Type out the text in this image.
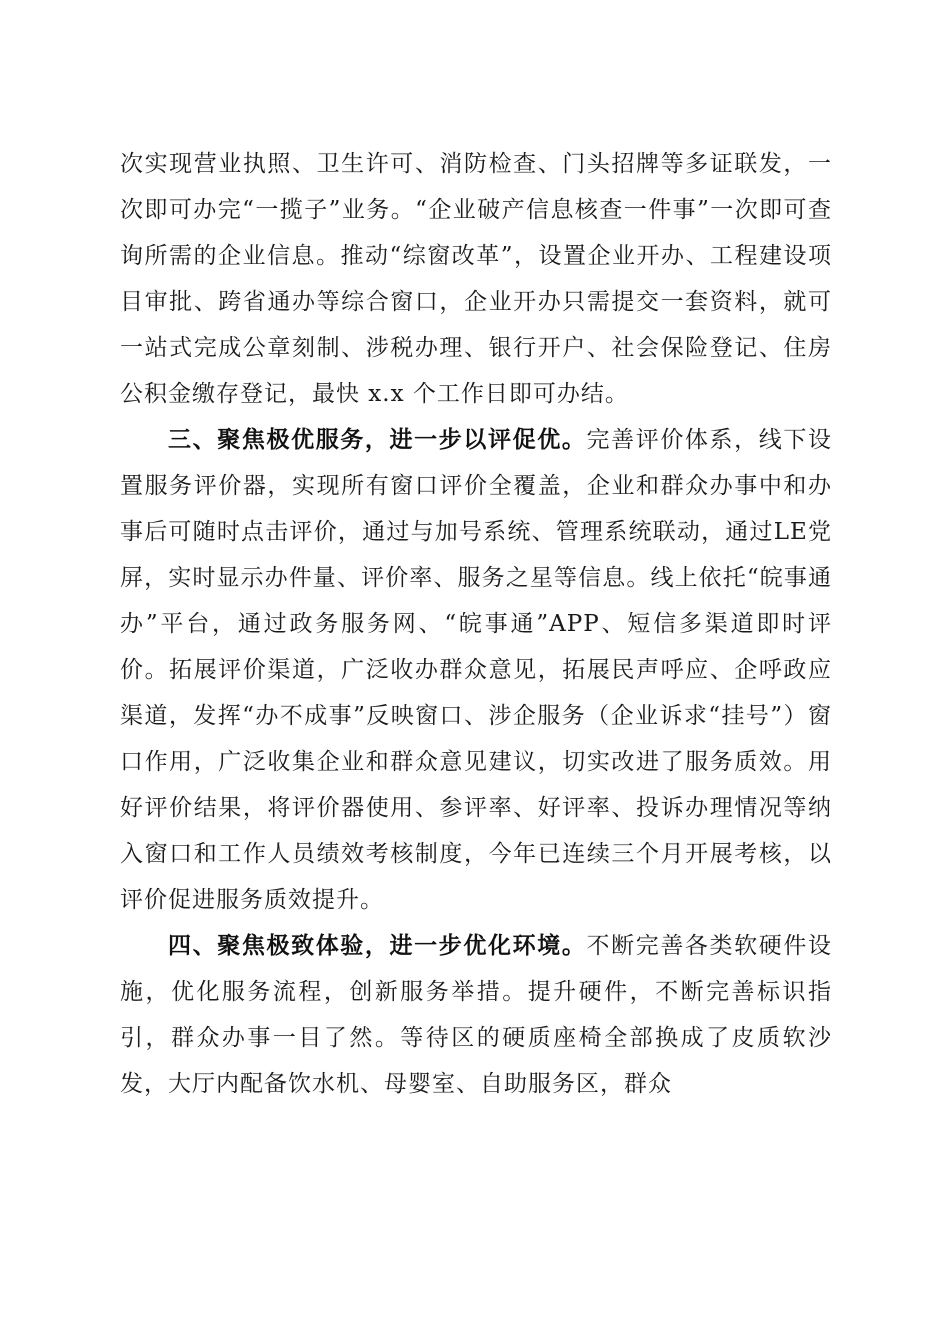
次实现营业执照、卫生许可、消防检查、门头招牌等多证联发，一次即可办完“一揽子”业务。“企业破产信息核查一件事”一次即可查询所需的企业信息。推动“综窗改革”，设置企业开办、工程建设项目审批、跨省通办等综合窗口，企业开办只需提交一套资料，就可一站式完成公章刻制、涉税办理、银行开户、社会保险登记、住房公积金缴存登记，最快 x.x 个工作日即可办结。

三、聚焦极优服务，进一步以评促优。完善评价体系，线下设置服务评价器，实现所有窗口评价全覆盖，企业和群众办事中和办事后可随时点击评价，通过与加号系统、管理系统联动，通过LE党屏，实时显示办件量、评价率、服务之星等信息。线上依托“皖事通办”平台，通过政务服务网、“皖事通”APP、短信多渠道即时评价。拓展评价渠道，广泛收办群众意见，拓展民声呼应、企呼政应渠道，发挥“办不成事”反映窗口、涉企服务（企业诉求“挂号”）窗口作用，广泛收集企业和群众意见建议，切实改进了服务质效。用好评价结果，将评价器使用、参评率、好评率、投诉办理情况等纳入窗口和工作人员绩效考核制度，今年已连续三个月开展考核，以评价促进服务质效提升。

四、聚焦极致体验，进一步优化环境。不断完善各类软硬件设施，优化服务流程，创新服务举措。提升硬件，不断完善标识指引，群众办事一目了然。等待区的硬质座椅全部换成了皮质软沙发，大厅内配备饮水机、母婴室、自助服务区，群众
